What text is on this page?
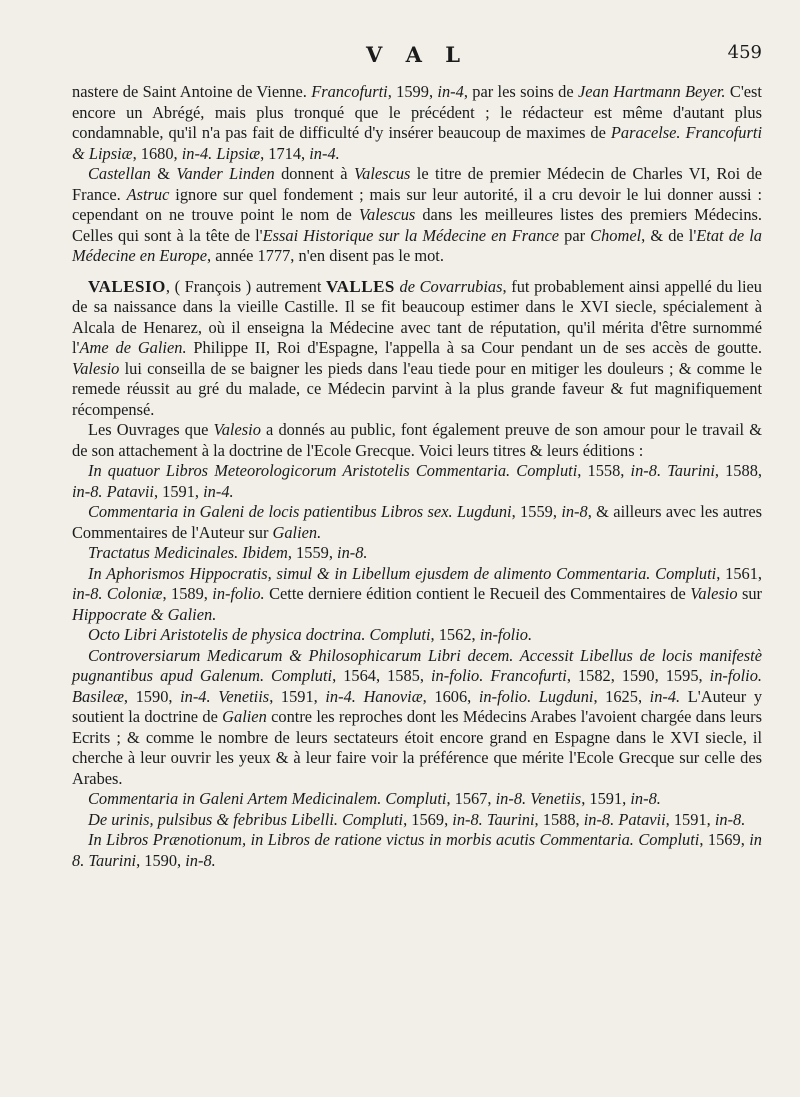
V A L	459

nastere de Saint Antoine de Vienne. Francofurti, 1599, in-4, par les soins de Jean Hartmann Beyer. C'est encore un Abrégé, mais plus tronqué que le précédent ; le rédacteur est même d'autant plus condamnable, qu'il n'a pas fait de difficulté d'y insérer beaucoup de maximes de Paracelse. Francofurti & Lipsiæ, 1680, in-4. Lipsiæ, 1714, in-4.

Castellan & Vander Linden donnent à Valescus le titre de premier Médecin de Charles VI, Roi de France. Astruc ignore sur quel fondement ; mais sur leur autorité, il a cru devoir le lui donner aussi : cependant on ne trouve point le nom de Valescus dans les meilleures listes des premiers Médecins. Celles qui sont à la tête de l'Essai Historique sur la Médecine en France par Chomel, & de l'Etat de la Médecine en Europe, année 1777, n'en disent pas le mot.

VALESIO, ( François ) autrement VALLES de Covarrubias, fut probablement ainsi appellé du lieu de sa naissance dans la vieille Castille. Il se fit beaucoup estimer dans le XVI siecle, spécialement à Alcala de Henarez, où il enseigna la Médecine avec tant de réputation, qu'il mérita d'être surnommé l'Ame de Galien. Philippe II, Roi d'Espagne, l'appella à sa Cour pendant un de ses accès de goutte. Valesio lui conseilla de se baigner les pieds dans l'eau tiede pour en mitiger les douleurs ; & comme le remede réussit au gré du malade, ce Médecin parvint à la plus grande faveur & fut magnifiquement récompensé.

Les Ouvrages que Valesio a donnés au public, font également preuve de son amour pour le travail & de son attachement à la doctrine de l'Ecole Grecque. Voici leurs titres & leurs éditions :

In quatuor Libros Meteorologicorum Aristotelis Commentaria. Compluti, 1558, in-8. Taurini, 1588, in-8. Patavii, 1591, in-4.

Commentaria in Galeni de locis patientibus Libros sex. Lugduni, 1559, in-8, & ailleurs avec les autres Commentaires de l'Auteur sur Galien.

Tractatus Medicinales. Ibidem, 1559, in-8.

In Aphorismos Hippocratis, simul & in Libellum ejusdem de alimento Commentaria. Compluti, 1561, in-8. Coloniæ, 1589, in-folio. Cette derniere édition contient le Recueil des Commentaires de Valesio sur Hippocrate & Galien.

Octo Libri Aristotelis de physica doctrina. Compluti, 1562, in-folio.

Controversiarum Medicarum & Philosophicarum Libri decem. Accessit Libellus de locis manifestè pugnantibus apud Galenum. Compluti, 1564, 1585, in-folio. Francofurti, 1582, 1590, 1595, in-folio. Basileæ, 1590, in-4. Venetiis, 1591, in-4. Hanoviæ, 1606, in-folio. Lugduni, 1625, in-4. L'Auteur y soutient la doctrine de Galien contre les reproches dont les Médecins Arabes l'avoient chargée dans leurs Ecrits ; & comme le nombre de leurs sectateurs étoit encore grand en Espagne dans le XVI siecle, il cherche à leur ouvrir les yeux & à leur faire voir la préférence que mérite l'Ecole Grecque sur celle des Arabes.

Commentaria in Galeni Artem Medicinalem. Compluti, 1567, in-8. Venetiis, 1591, in-8.

De urinis, pulsibus & febribus Libelli. Compluti, 1569, in-8. Taurini, 1588, in-8. Patavii, 1591, in-8.

In Libros Prænotionum, in Libros de ratione victus in morbis acutis Commentaria. Compluti, 1569, in 8. Taurini, 1590, in-8.
